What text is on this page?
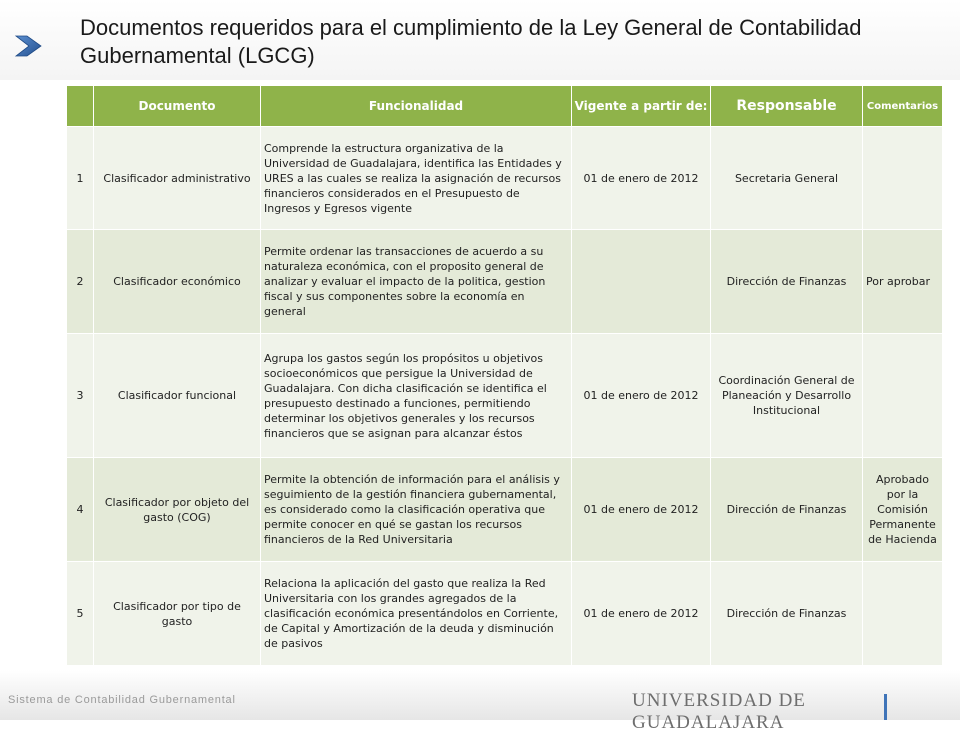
Documentos requeridos para el cumplimiento de la Ley General de Contabilidad Gubernamental (LGCG)
	Documento	Funcionalidad	Vigente a partir de:	Responsable	Comentarios
1	Clasificador administrativo	Comprende la estructura organizativa de la Universidad de Guadalajara, identifica las Entidades y URES a las cuales se realiza la asignación de recursos financieros considerados en el Presupuesto de Ingresos y Egresos vigente	01 de enero de 2012	Secretaria General	
2	Clasificador económico	Permite ordenar las transacciones de acuerdo a su naturaleza económica, con el proposito general de analizar y evaluar el impacto de la politica, gestion fiscal y sus componentes sobre la economía en general		Dirección de Finanzas	Por aprobar
3	Clasificador funcional	Agrupa los gastos según los propósitos u objetivos socioeconómicos que persigue la Universidad de Guadalajara. Con dicha clasificación se identifica el presupuesto destinado a funciones, permitiendo determinar los objetivos generales y los recursos financieros que se asignan para alcanzar éstos	01 de enero de 2012	Coordinación General de Planeación y Desarrollo Institucional	
4	Clasificador por objeto del gasto (COG)	Permite la obtención de información para el análisis y seguimiento de la gestión financiera gubernamental, es considerado como la clasificación operativa que permite conocer en qué se gastan los recursos financieros de la Red Universitaria	01 de enero de 2012	Dirección de Finanzas	Aprobado por la Comisión Permanente de Hacienda
5	Clasificador por tipo de gasto	Relaciona la aplicación del gasto que realiza la Red Universitaria con los grandes agregados de la clasificación económica presentándolos en Corriente, de Capital y Amortización de la deuda y disminución de pasivos	01 de enero de 2012	Dirección de Finanzas	
Sistema de Contabilidad Gubernamental	UNIVERSIDAD DE GUADALAJARA
